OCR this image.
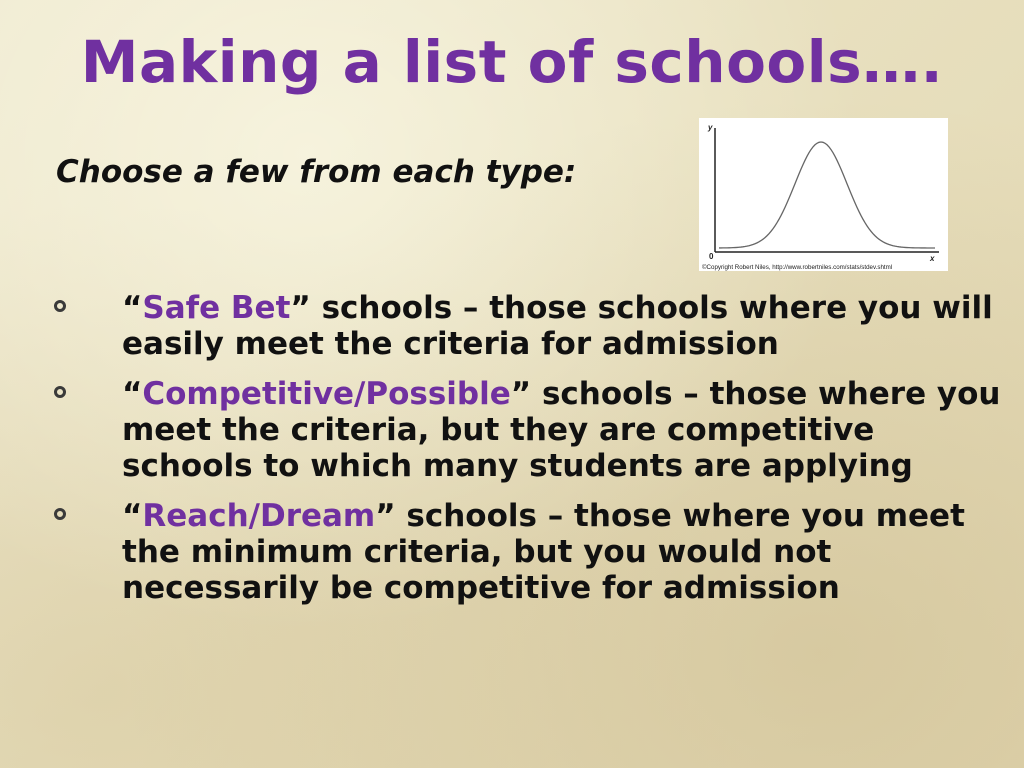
Making a list of schools….

Choose a few from each type:

y
0	x
©Copyright Robert Niles, http://www.robertniles.com/stats/stdev.shtml
“Safe Bet” schools – those schools where you will easily meet the criteria for admission
“Competitive/Possible” schools – those where you meet the criteria, but they are competitive schools to which many students are applying
“Reach/Dream” schools – those where you meet the minimum criteria, but you would not necessarily be competitive for admission
